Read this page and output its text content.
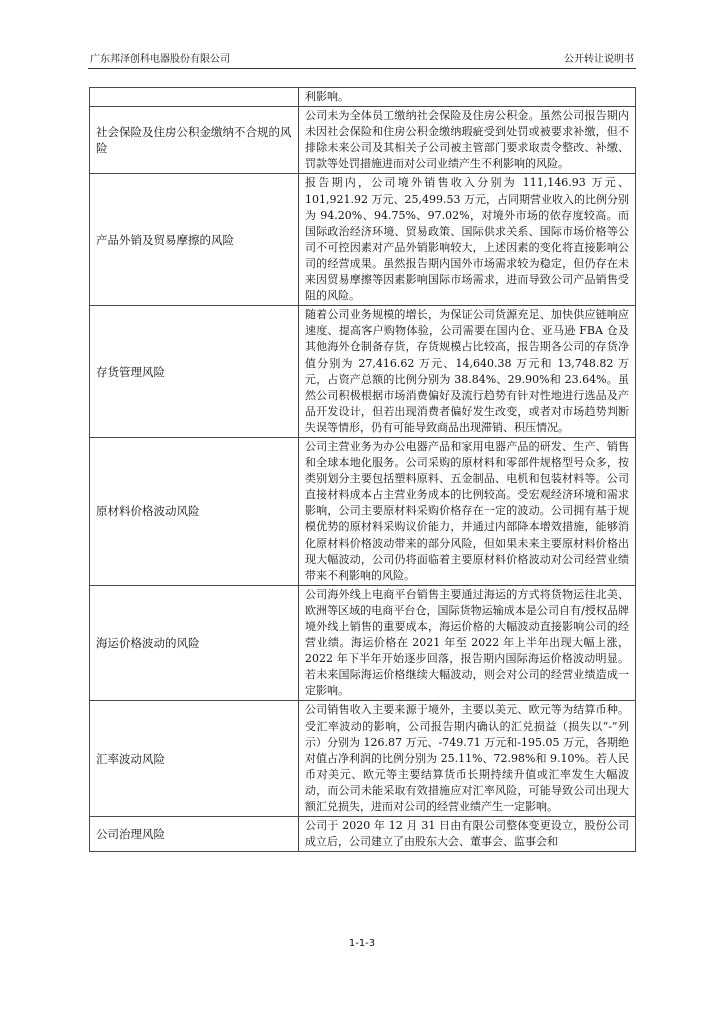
广东邦泽创科电器股份有限公司	公开转让说明书
	利影响。
社会保险及住房公积金缴纳不合规的风险	公司未为全体员工缴纳社会保险及住房公积金。虽然公司报告期内未因社会保险和住房公积金缴纳瑕疵受到处罚或被要求补缴，但不排除未来公司及其相关子公司被主管部门要求取责令整改、补缴、罚款等处罚措施进而对公司业绩产生不利影响的风险。
产品外销及贸易摩擦的风险	报告期内，公司境外销售收入分别为 111,146.93 万元、101,921.92 万元、25,499.53 万元，占同期营业收入的比例分别为 94.20%、94.75%、97.02%，对境外市场的依存度较高。而国际政治经济环境、贸易政策、国际供求关系、国际市场价格等公司不可控因素对产品外销影响较大，上述因素的变化将直接影响公司的经营成果。虽然报告期内国外市场需求较为稳定，但仍存在未来因贸易摩擦等因素影响国际市场需求，进而导致公司产品销售受阻的风险。
存货管理风险	随着公司业务规模的增长，为保证公司货源充足、加快供应链响应速度、提高客户购物体验，公司需要在国内仓、亚马逊 FBA 仓及其他海外仓制备存货，存货规模占比较高，报告期各公司的存货净值分别为 27,416.62 万元、14,640.38 万元和 13,748.82 万元，占资产总额的比例分别为 38.84%、29.90%和 23.64%。虽然公司积极根据市场消费偏好及流行趋势有针对性地进行选品及产品开发设计，但若出现消费者偏好发生改变，或者对市场趋势判断失误等情形，仍有可能导致商品出现滞销、积压情况。
原材料价格波动风险	公司主营业务为办公电器产品和家用电器产品的研发、生产、销售和全球本地化服务。公司采购的原材料和零部件规格型号众多，按类别划分主要包括塑料原料、五金制品、电机和包装材料等。公司直接材料成本占主营业务成本的比例较高。受宏观经济环境和需求影响，公司主要原材料采购价格存在一定的波动。公司拥有基于规模优势的原材料采购议价能力，并通过内部降本增效措施，能够消化原材料价格波动带来的部分风险，但如果未来主要原材料价格出现大幅波动，公司仍将面临着主要原材料价格波动对公司经营业绩带来不利影响的风险。
海运价格波动的风险	公司海外线上电商平台销售主要通过海运的方式将货物运往北美、欧洲等区域的电商平台仓，国际货物运输成本是公司自有/授权品牌境外线上销售的重要成本，海运价格的大幅波动直接影响公司的经营业绩。海运价格在 2021 年至 2022 年上半年出现大幅上涨，2022 年下半年开始逐步回落，报告期内国际海运价格波动明显。若未来国际海运价格继续大幅波动，则会对公司的经营业绩造成一定影响。
汇率波动风险	公司销售收入主要来源于境外，主要以美元、欧元等为结算币种。受汇率波动的影响，公司报告期内确认的汇兑损益（损失以“-”列示）分别为 126.87 万元、-749.71 万元和-195.05 万元，各期绝对值占净利润的比例分别为 25.11%、72.98%和 9.10%。若人民币对美元、欧元等主要结算货币长期持续升值或汇率发生大幅波动，而公司未能采取有效措施应对汇率风险，可能导致公司出现大额汇兑损失，进而对公司的经营业绩产生一定影响。
公司治理风险	公司于 2020 年 12 月 31 日由有限公司整体变更设立，股份公司成立后，公司建立了由股东大会、董事会、监事会和
1-1-3
